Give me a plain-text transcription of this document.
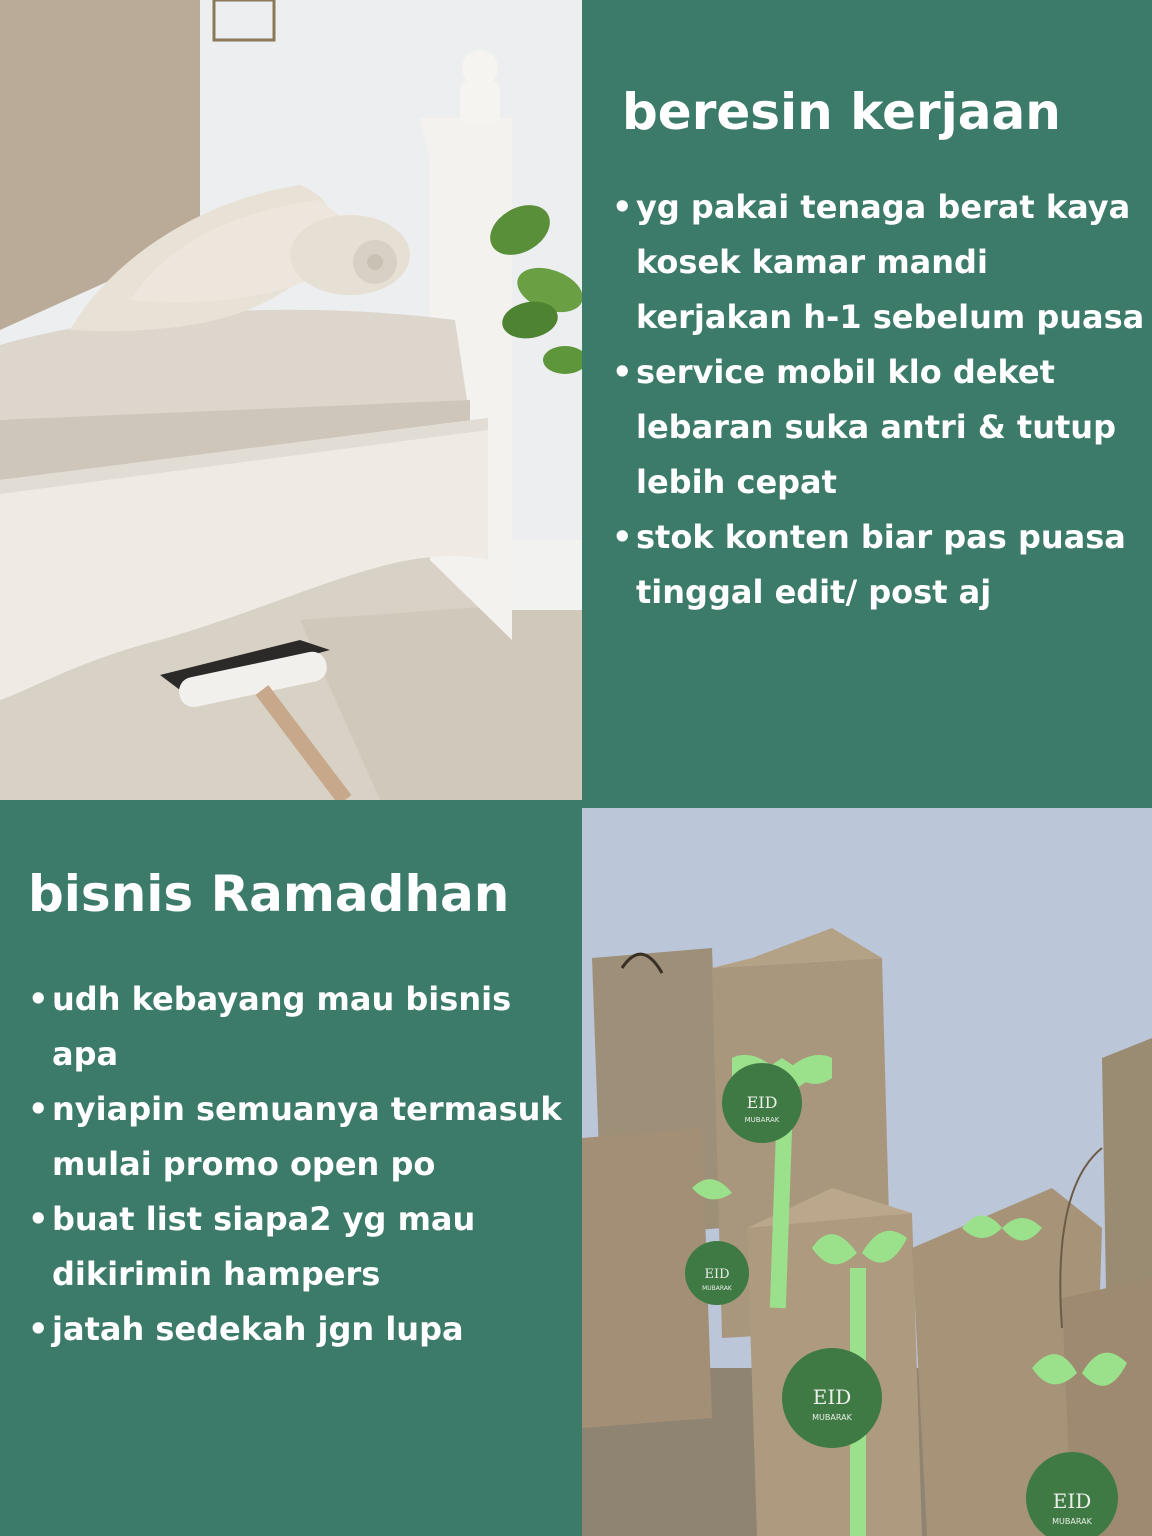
beresin kerjaan
• yg pakai tenaga berat kaya kosek kamar mandi kerjakan h-1 sebelum puasa
• service mobil klo deket lebaran suka antri & tutup lebih cepat
• stok konten biar pas puasa tinggal edit/ post aj
bisnis Ramadhan
• udh kebayang mau bisnis apa
• nyiapin semuanya termasuk mulai promo open po
• buat list siapa2 yg mau dikirimin hampers
• jatah sedekah jgn lupa
EID
MUBARAK
EID
MUBARAK
EID
MUBARAK
EID
MUBARAK
